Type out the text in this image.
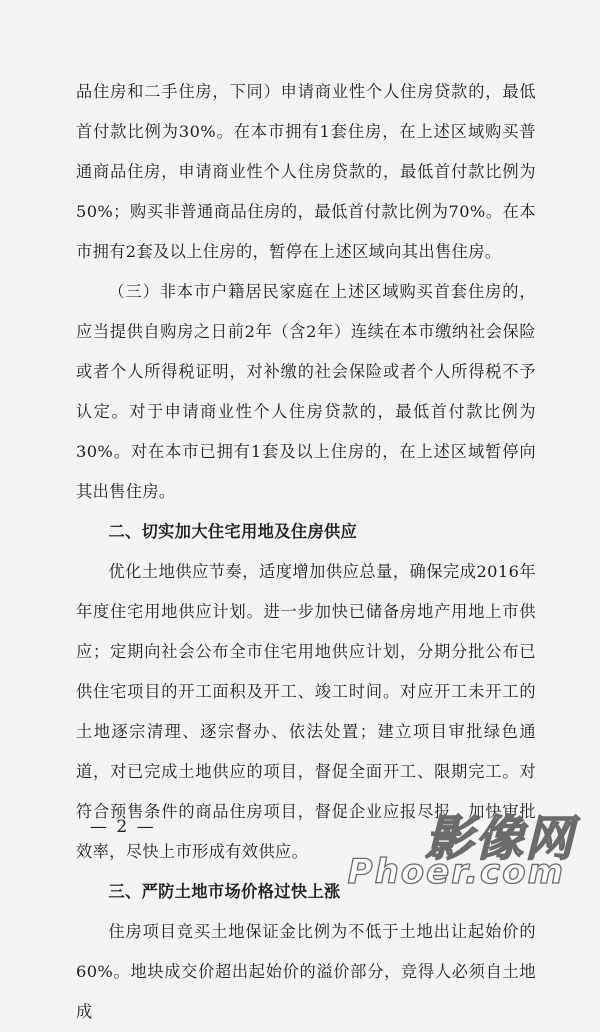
品住房和二手住房，下同）申请商业性个人住房贷款的，最低首付款比例为30%。在本市拥有1套住房，在上述区域购买普通商品住房，申请商业性个人住房贷款的，最低首付款比例为50%；购买非普通商品住房的，最低首付款比例为70%。在本市拥有2套及以上住房的，暂停在上述区域向其出售住房。

（三）非本市户籍居民家庭在上述区域购买首套住房的，应当提供自购房之日前2年（含2年）连续在本市缴纳社会保险或者个人所得税证明，对补缴的社会保险或者个人所得税不予认定。对于申请商业性个人住房贷款的，最低首付款比例为30%。对在本市已拥有1套及以上住房的，在上述区域暂停向其出售住房。

二、切实加大住宅用地及住房供应

优化土地供应节奏，适度增加供应总量，确保完成2016年年度住宅用地供应计划。进一步加快已储备房地产用地上市供应；定期向社会公布全市住宅用地供应计划，分期分批公布已供住宅项目的开工面积及开工、竣工时间。对应开工未开工的土地逐宗清理、逐宗督办、依法处置；建立项目审批绿色通道，对已完成土地供应的项目，督促全面开工、限期完工。对符合预售条件的商品住房项目，督促企业应报尽报，加快审批效率，尽快上市形成有效供应。

三、严防土地市场价格过快上涨

住房项目竞买土地保证金比例为不低于土地出让起始价的60%。地块成交价超出起始价的溢价部分，竞得人必须自土地成

— 2 —	影像网
Phoer.com
